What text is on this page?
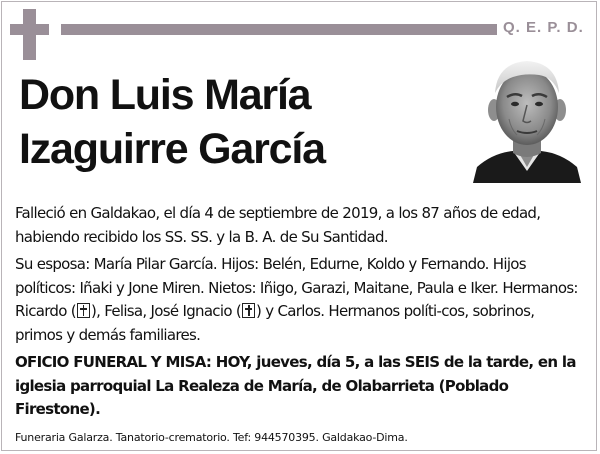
Q. E. P. D.
Don Luis María
Izaguirre García

Falleció en Galdakao, el día 4 de septiembre de 2019, a los 87 años de edad, habiendo recibido los SS. SS. y la B. A. de Su Santidad.

Su esposa: María Pilar García. Hijos: Belén, Edurne, Koldo y Fernando. Hijos políticos: Iñaki y Jone Miren. Nietos: Iñigo, Garazi, Maitane, Paula e Iker. Hermanos: Ricardo ( ), Felisa, José Ignacio ( ) y Carlos. Hermanos políti-cos, sobrinos, primos y demás familiares.

OFICIO FUNERAL Y MISA: HOY, jueves, día 5, a las SEIS de la tarde, en la iglesia parroquial La Realeza de María, de Olabarrieta (Poblado Firestone).

Funeraria Galarza. Tanatorio-crematorio. Tef: 944570395. Galdakao-Dima.
